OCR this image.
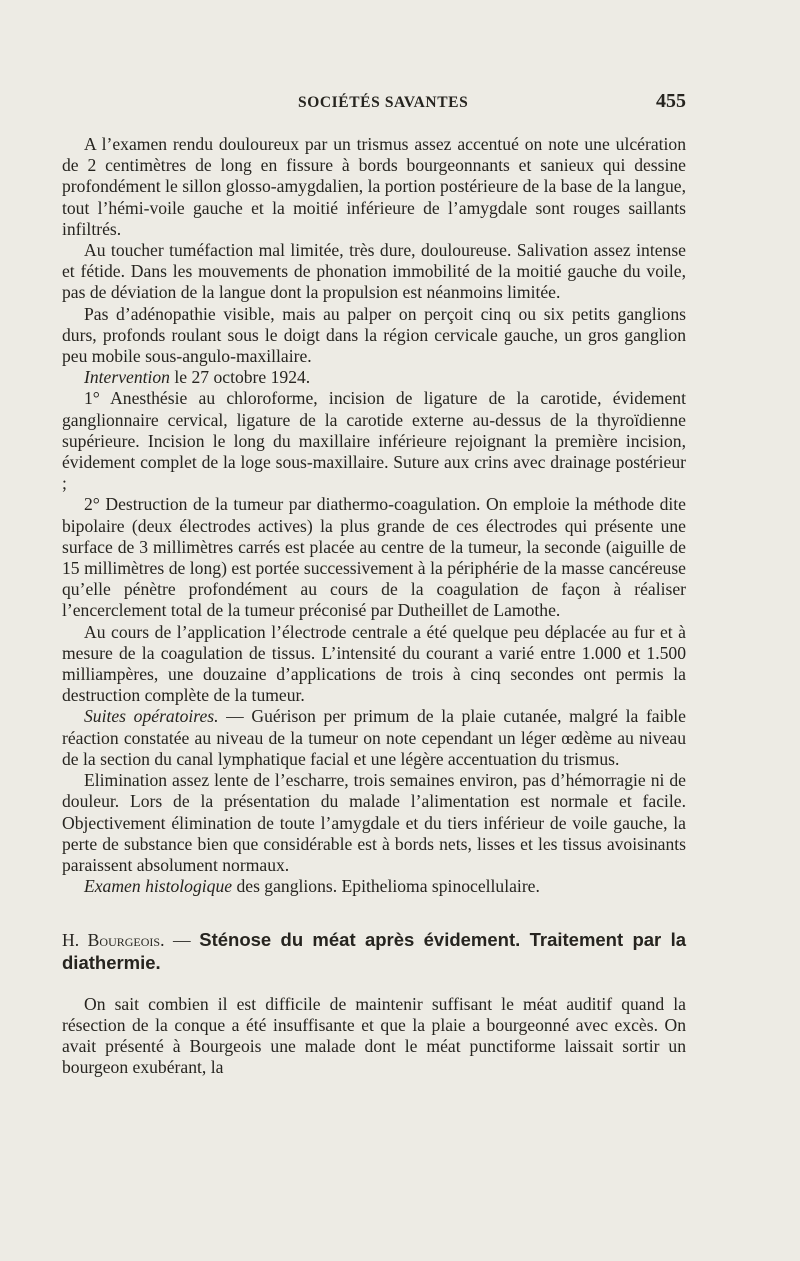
SOCIÉTÉS SAVANTES	455

A l’examen rendu douloureux par un trismus assez accentué on note une ulcération de 2 centimètres de long en fissure à bords bourgeonnants et sanieux qui dessine profondément le sillon glosso-amygdalien, la portion postérieure de la base de la langue, tout l’hémi-voile gauche et la moitié inférieure de l’amygdale sont rouges saillants infiltrés.

Au toucher tuméfaction mal limitée, très dure, douloureuse. Salivation assez intense et fétide. Dans les mouvements de phonation immobilité de la moitié gauche du voile, pas de déviation de la langue dont la propulsion est néanmoins limitée.

Pas d’adénopathie visible, mais au palper on perçoit cinq ou six petits ganglions durs, profonds roulant sous le doigt dans la région cervicale gauche, un gros ganglion peu mobile sous-angulo-maxillaire.

Intervention le 27 octobre 1924.

1° Anesthésie au chloroforme, incision de ligature de la carotide, évidement ganglionnaire cervical, ligature de la carotide externe au-dessus de la thyroïdienne supérieure. Incision le long du maxillaire inférieure rejoignant la première incision, évidement complet de la loge sous-maxillaire. Suture aux crins avec drainage postérieur ;

2° Destruction de la tumeur par diathermo-coagulation. On emploie la méthode dite bipolaire (deux électrodes actives) la plus grande de ces électrodes qui présente une surface de 3 millimètres carrés est placée au centre de la tumeur, la seconde (aiguille de 15 millimètres de long) est portée successivement à la périphérie de la masse cancéreuse qu’elle pénètre profondément au cours de la coagulation de façon à réaliser l’encerclement total de la tumeur préconisé par Dutheillet de Lamothe.

Au cours de l’application l’électrode centrale a été quelque peu déplacée au fur et à mesure de la coagulation de tissus. L’intensité du courant a varié entre 1.000 et 1.500 milliampères, une douzaine d’applications de trois à cinq secondes ont permis la destruction complète de la tumeur.

Suites opératoires. — Guérison per primum de la plaie cutanée, malgré la faible réaction constatée au niveau de la tumeur on note cependant un léger œdème au niveau de la section du canal lymphatique facial et une légère accentuation du trismus.

Elimination assez lente de l’escharre, trois semaines environ, pas d’hémorragie ni de douleur. Lors de la présentation du malade l’alimentation est normale et facile. Objectivement élimination de toute l’amygdale et du tiers inférieur de voile gauche, la perte de substance bien que considérable est à bords nets, lisses et les tissus avoisinants paraissent absolument normaux.

Examen histologique des ganglions. Epithelioma spinocellulaire.

H. Bourgeois. — Sténose du méat après évidement. Traitement par la diathermie.

On sait combien il est difficile de maintenir suffisant le méat auditif quand la résection de la conque a été insuffisante et que la plaie a bourgeonné avec excès. On avait présenté à Bourgeois une malade dont le méat punctiforme laissait sortir un bourgeon exubérant, la
